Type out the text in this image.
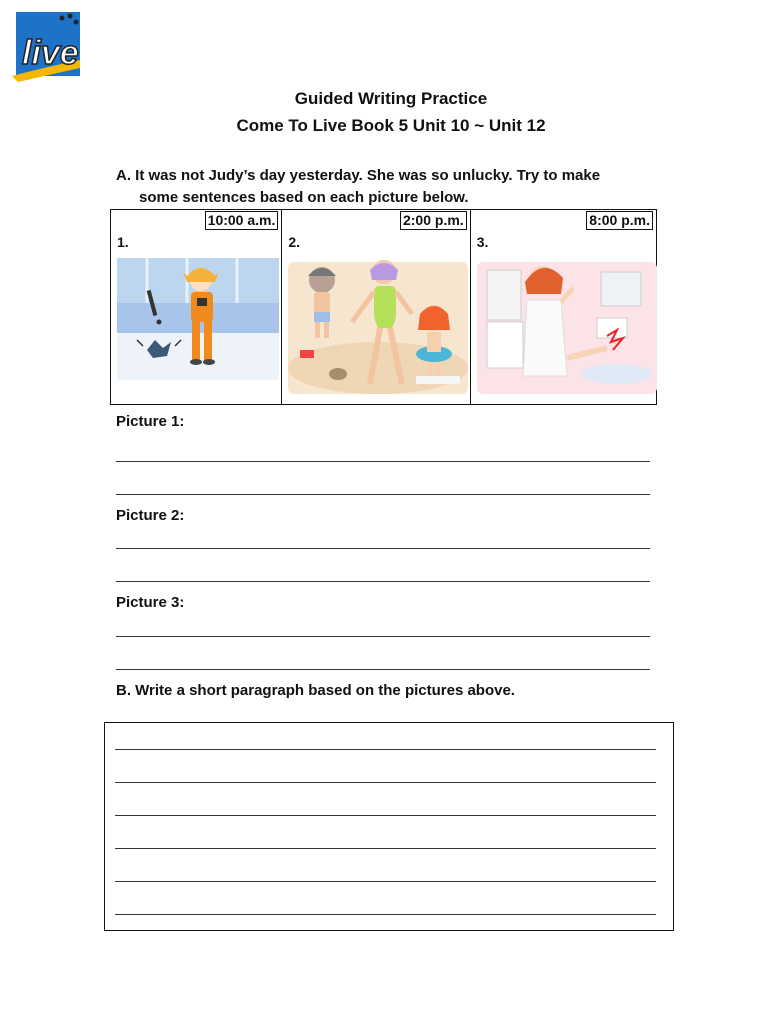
live
Guided Writing Practice
Come To Live Book 5 Unit 10 ~ Unit 12
A. It was not Judy’s day yesterday. She was so unlucky. Try to make
some sentences based on each picture below.
10:00 a.m.
1.
2:00 p.m.
2.
8:00 p.m.
3.
Picture 1:
Picture 2:
Picture 3:
B. Write a short paragraph based on the pictures above.
